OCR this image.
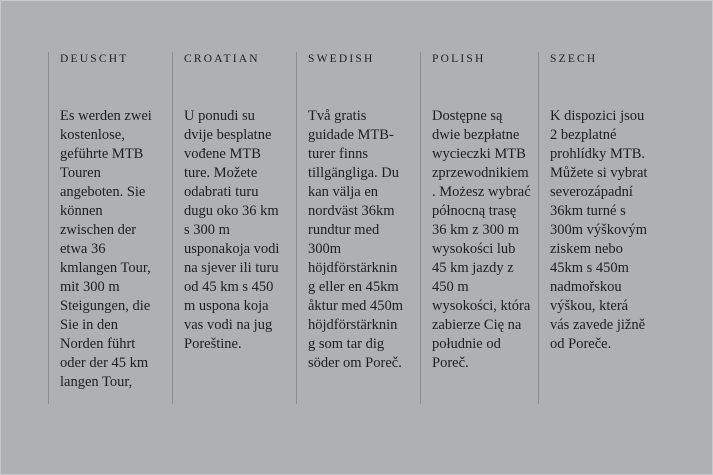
DEUSCHT
Es werden zwei kostenlose, geführte MTB Touren angeboten. Sie können zwischen der etwa 36 kmlangen Tour, mit 300 m Steigungen, die Sie in den Norden führt oder der 45 km langen Tour,
CROATIAN
U ponudi su dvije besplatne vođene MTB ture. Možete odabrati turu dugu oko 36 km s 300 m usponakoja vodi na sjever ili turu od 45 km s 450 m uspona koja vas vodi na jug Poreštine.
SWEDISH
Två gratis guidade MTB-turer finns tillgängliga. Du kan välja en nordväst 36km rundtur med 300m höjdförstärkning eller en 45km åktur med 450m höjdförstärkning som tar dig söder om Poreč.
POLISH
Dostępne są dwie bezpłatne wycieczki MTB zprzewodnikiem. Możesz wybrać północną trasę 36 km z 300 m wysokości lub 45 km jazdy z 450 m wysokości, która zabierze Cię na południe od Poreč.
SZECH
K dispozici jsou 2 bezplatné prohlídky MTB. Můžete si vybrat severozápadní 36km turné s 300m výškovým ziskem nebo 45km s 450m nadmořskou výškou, která vás zavede jižně od Poreče.
